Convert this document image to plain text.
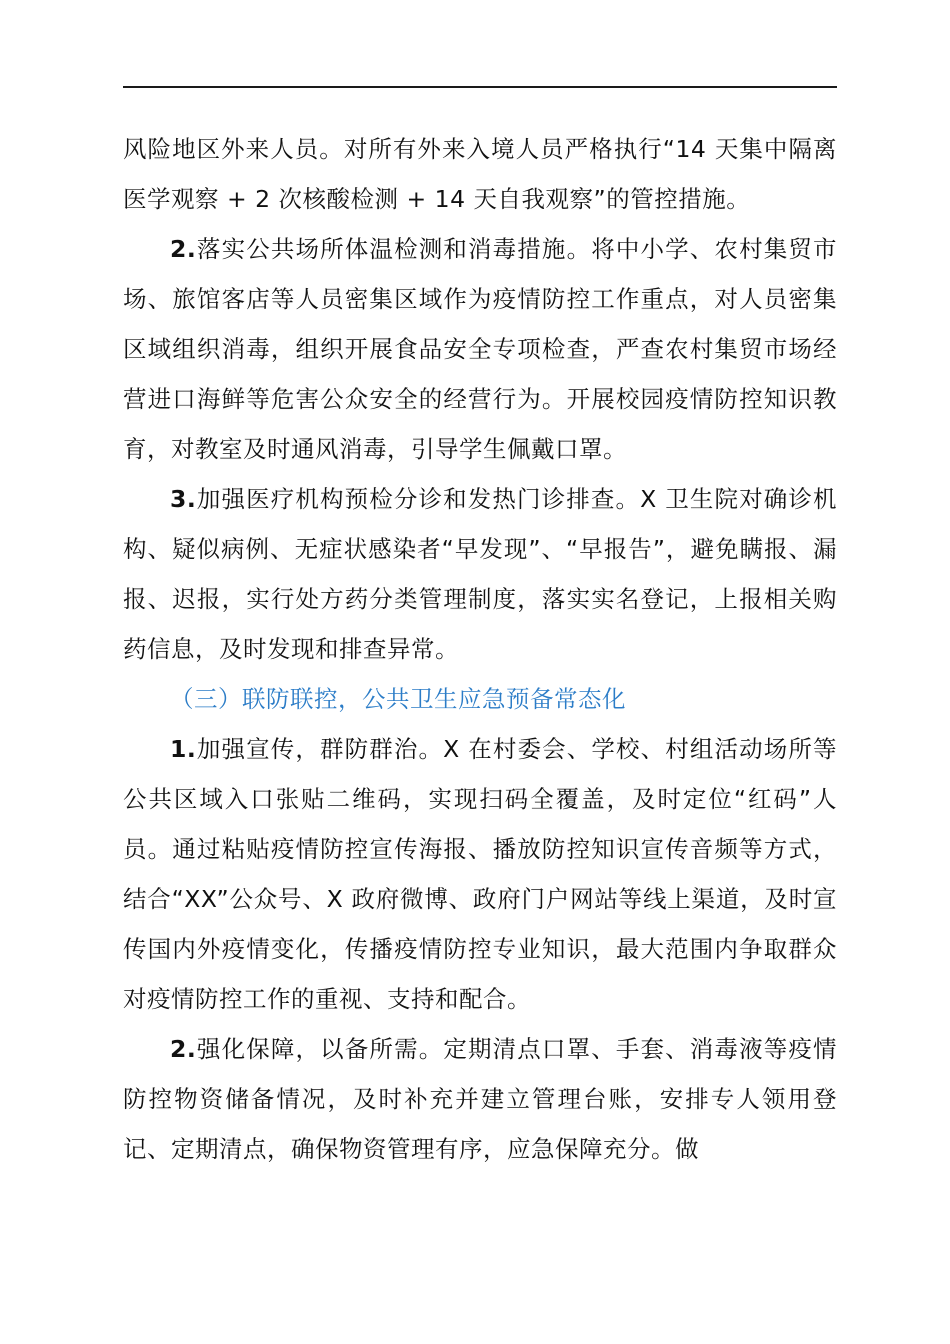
风险地区外来人员。对所有外来入境人员严格执行“14 天集中隔离医学观察 + 2 次核酸检测 + 14 天自我观察”的管控措施。

2.落实公共场所体温检测和消毒措施。将中小学、农村集贸市场、旅馆客店等人员密集区域作为疫情防控工作重点，对人员密集区域组织消毒，组织开展食品安全专项检查，严查农村集贸市场经营进口海鲜等危害公众安全的经营行为。开展校园疫情防控知识教育，对教室及时通风消毒，引导学生佩戴口罩。

3.加强医疗机构预检分诊和发热门诊排查。X 卫生院对确诊机构、疑似病例、无症状感染者“早发现”、“早报告”，避免瞒报、漏报、迟报，实行处方药分类管理制度，落实实名登记，上报相关购药信息，及时发现和排查异常。

（三）联防联控，公共卫生应急预备常态化

1.加强宣传，群防群治。X 在村委会、学校、村组活动场所等公共区域入口张贴二维码，实现扫码全覆盖，及时定位“红码”人员。通过粘贴疫情防控宣传海报、播放防控知识宣传音频等方式，结合“XX”公众号、X 政府微博、政府门户网站等线上渠道，及时宣传国内外疫情变化，传播疫情防控专业知识，最大范围内争取群众对疫情防控工作的重视、支持和配合。

2.强化保障，以备所需。定期清点口罩、手套、消毒液等疫情防控物资储备情况，及时补充并建立管理台账，安排专人领用登记、定期清点，确保物资管理有序，应急保障充分。做
